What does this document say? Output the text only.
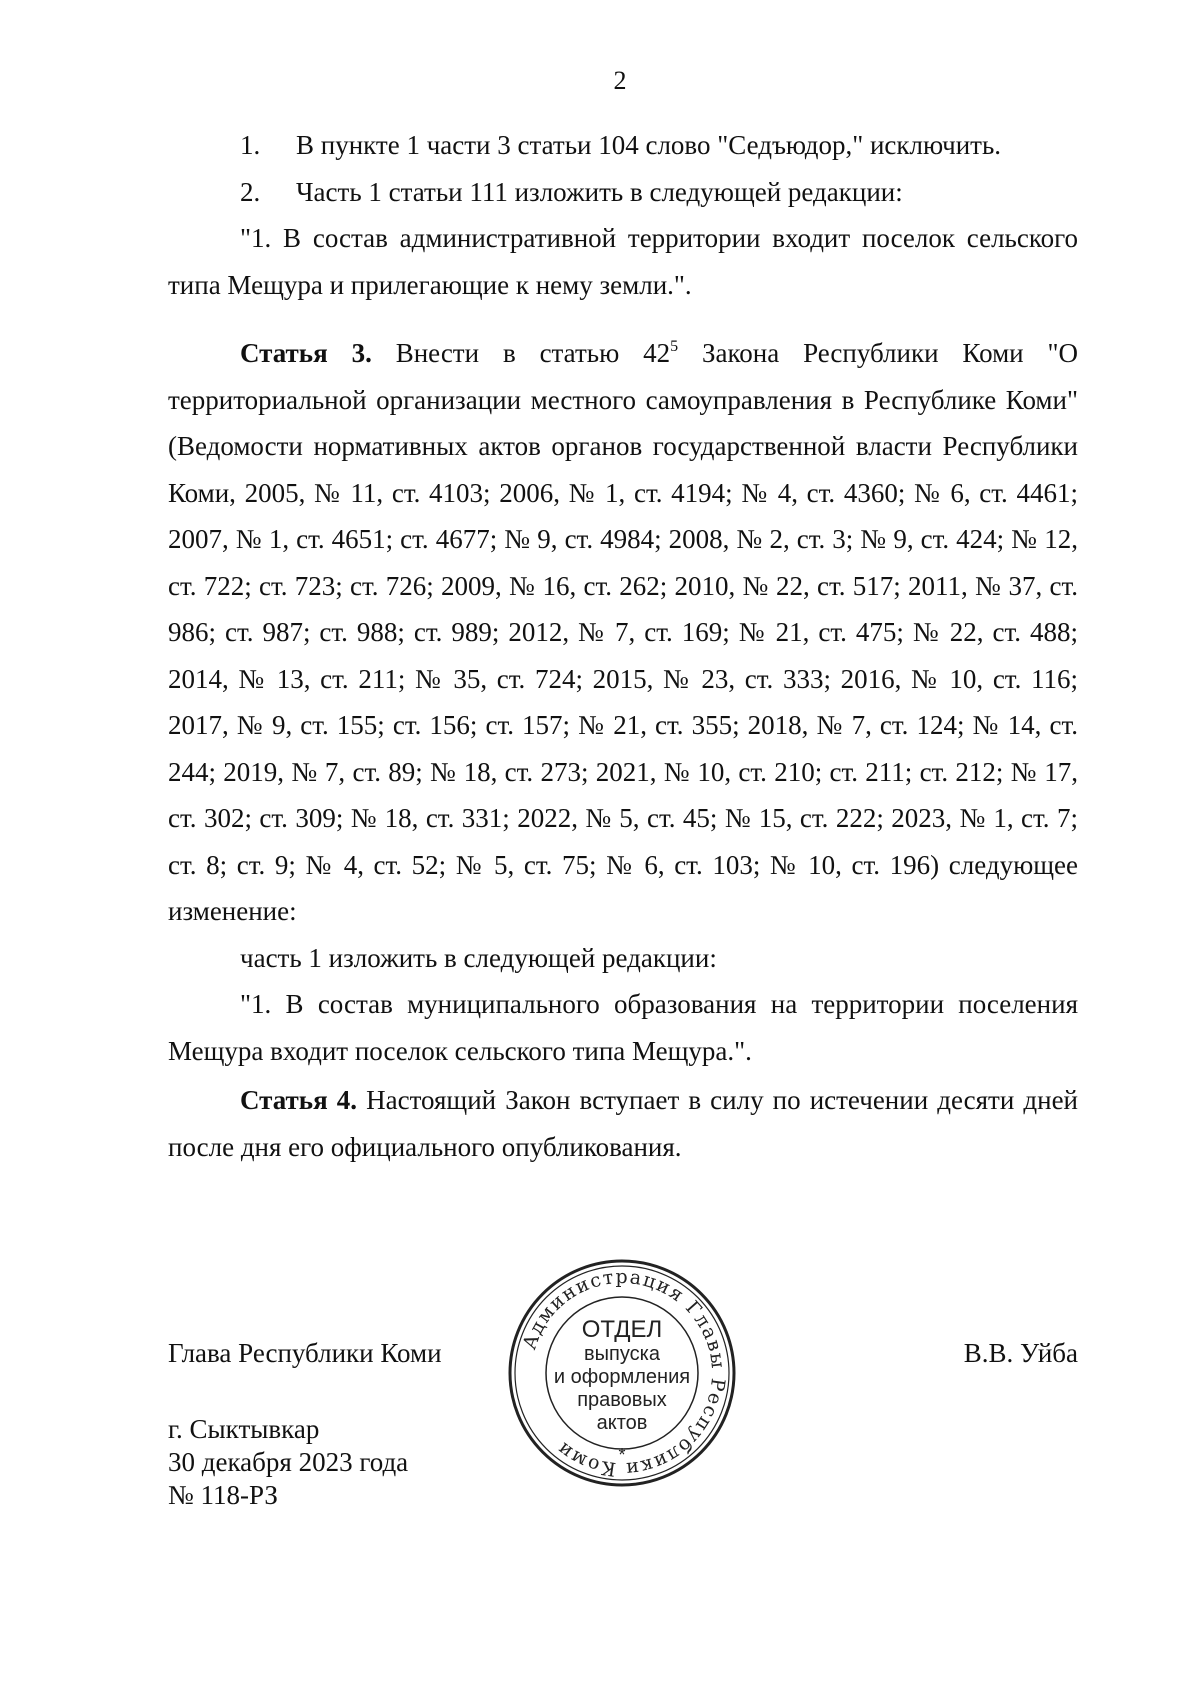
2
1. В пункте 1 части 3 статьи 104 слово "Седъюдор," исключить.
2. Часть 1 статьи 111 изложить в следующей редакции:
"1. В состав административной территории входит поселок сельского типа Мещура и прилегающие к нему земли.".
Статья 3. Внести в статью $42^5$ Закона Республики Коми "О территориальной организации местного самоуправления в Республике Коми" (Ведомости нормативных актов органов государственной власти Республики Коми, 2005, № 11, ст. 4103; 2006, № 1, ст. 4194; № 4, ст. 4360; № 6, ст. 4461; 2007, № 1, ст. 4651; ст. 4677; № 9, ст. 4984; 2008, № 2, ст. 3; № 9, ст. 424; № 12, ст. 722; ст. 723; ст. 726; 2009, № 16, ст. 262; 2010, № 22, ст. 517; 2011, № 37, ст. 986; ст. 987; ст. 988; ст. 989; 2012, № 7, ст. 169; № 21, ст. 475; № 22, ст. 488; 2014, № 13, ст. 211; № 35, ст. 724; 2015, № 23, ст. 333; 2016, № 10, ст. 116; 2017, № 9, ст. 155; ст. 156; ст. 157; № 21, ст. 355; 2018, № 7, ст. 124; № 14, ст. 244; 2019, № 7, ст. 89; № 18, ст. 273; 2021, № 10, ст. 210; ст. 211; ст. 212; № 17, ст. 302; ст. 309; № 18, ст. 331; 2022, № 5, ст. 45; № 15, ст. 222; 2023, № 1, ст. 7; ст. 8; ст. 9; № 4, ст. 52; № 5, ст. 75; № 6, ст. 103; № 10, ст. 196) следующее изменение:
часть 1 изложить в следующей редакции:
"1. В состав муниципального образования на территории поселения Мещура входит поселок сельского типа Мещура.".
Статья 4. Настоящий Закон вступает в силу по истечении десяти дней после дня его официального опубликования.
Глава Республики Коми	В.В. Уйба
г. Сыктывкар
30 декабря 2023 года
№ 118-РЗ
Администрация Главы Республики Коми
ОТДЕЛ
выпуска
и оформления
правовых
актов
*
